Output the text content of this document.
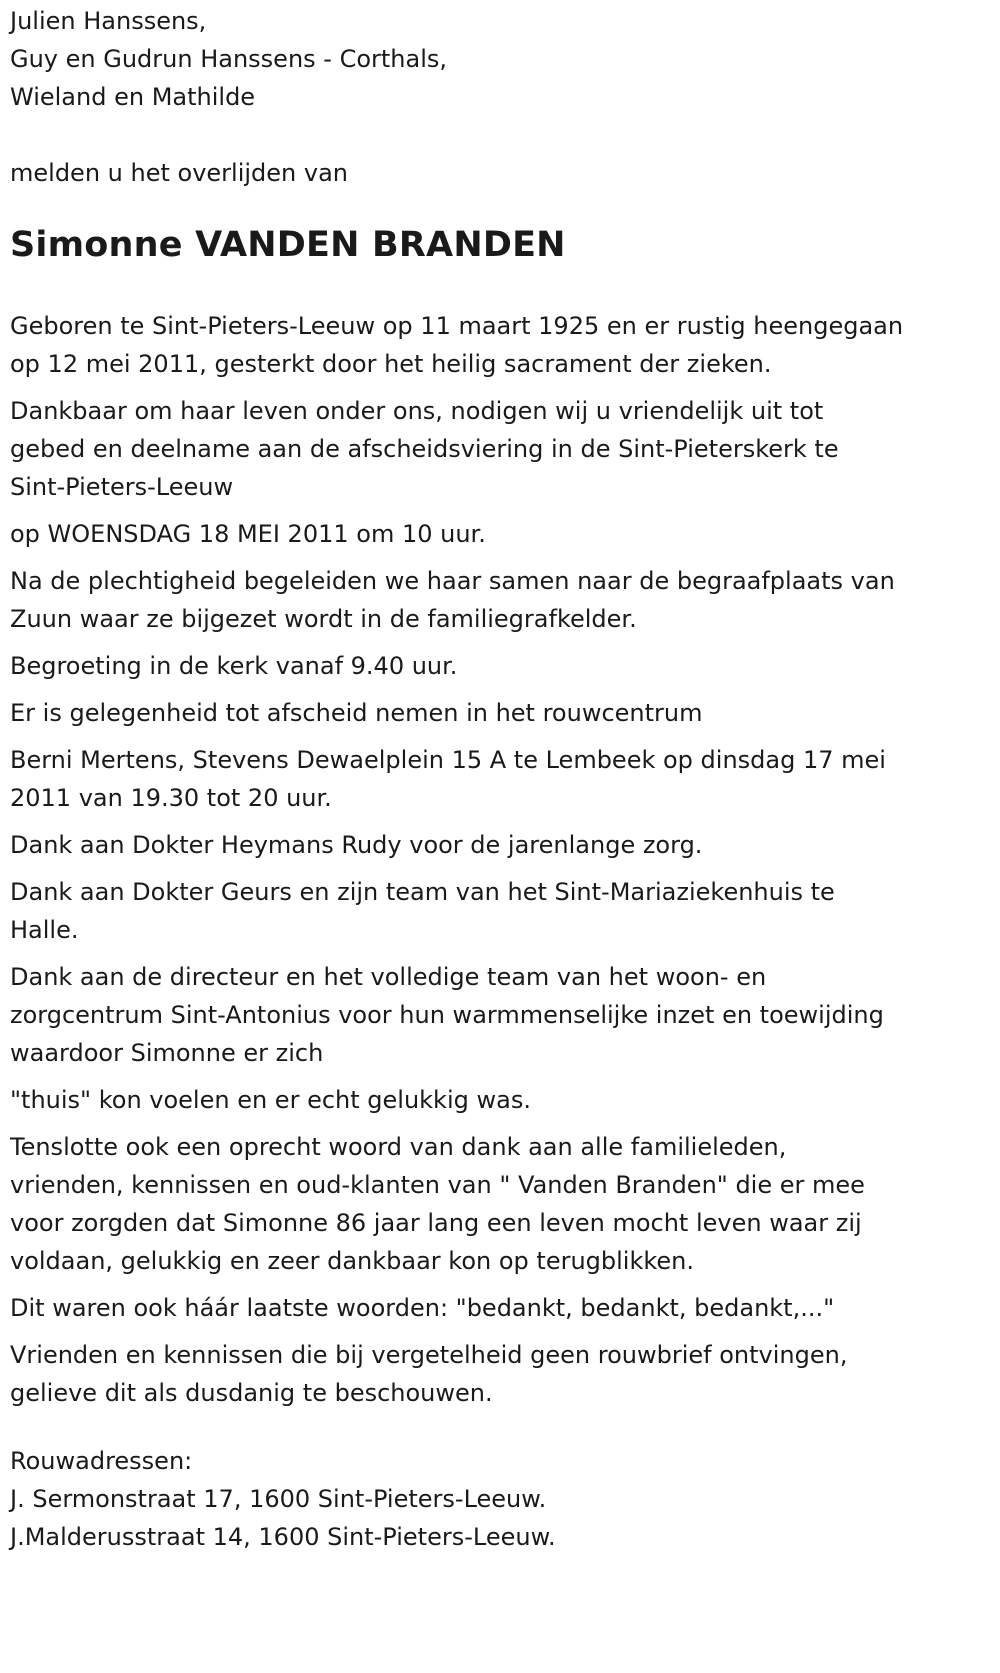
Julien Hanssens,

Guy en Gudrun Hanssens - Corthals,

Wieland en Mathilde

melden u het overlijden van

Simonne VANDEN BRANDEN

Geboren te Sint-Pieters-Leeuw op 11 maart 1925 en er rustig heengegaan
op 12 mei 2011, gesterkt door het heilig sacrament der zieken.

Dankbaar om haar leven onder ons, nodigen wij u vriendelijk uit tot
gebed en deelname aan de afscheidsviering in de Sint-Pieterskerk te
Sint-Pieters-Leeuw

op WOENSDAG 18 MEI 2011 om 10 uur.

Na de plechtigheid begeleiden we haar samen naar de begraafplaats van
Zuun waar ze bijgezet wordt in de familiegrafkelder.

Begroeting in de kerk vanaf 9.40 uur.

Er is gelegenheid tot afscheid nemen in het rouwcentrum

Berni Mertens, Stevens Dewaelplein 15 A te Lembeek op dinsdag 17 mei
2011 van 19.30 tot 20 uur.

Dank aan Dokter Heymans Rudy voor de jarenlange zorg.

Dank aan Dokter Geurs en zijn team van het Sint-Mariaziekenhuis te
Halle.

Dank aan de directeur en het volledige team van het woon- en
zorgcentrum Sint-Antonius voor hun warmmenselijke inzet en toewijding
waardoor Simonne er zich

"thuis" kon voelen en er echt gelukkig was.

Tenslotte ook een oprecht woord van dank aan alle familieleden,
vrienden, kennissen en oud-klanten van " Vanden Branden" die er mee
voor zorgden dat Simonne 86 jaar lang een leven mocht leven waar zij
voldaan, gelukkig en zeer dankbaar kon op terugblikken.

Dit waren ook háár laatste woorden: "bedankt, bedankt, bedankt,..."

Vrienden en kennissen die bij vergetelheid geen rouwbrief ontvingen,
gelieve dit als dusdanig te beschouwen.

Rouwadressen:

J. Sermonstraat 17, 1600 Sint-Pieters-Leeuw.

J.Malderusstraat 14, 1600 Sint-Pieters-Leeuw.
